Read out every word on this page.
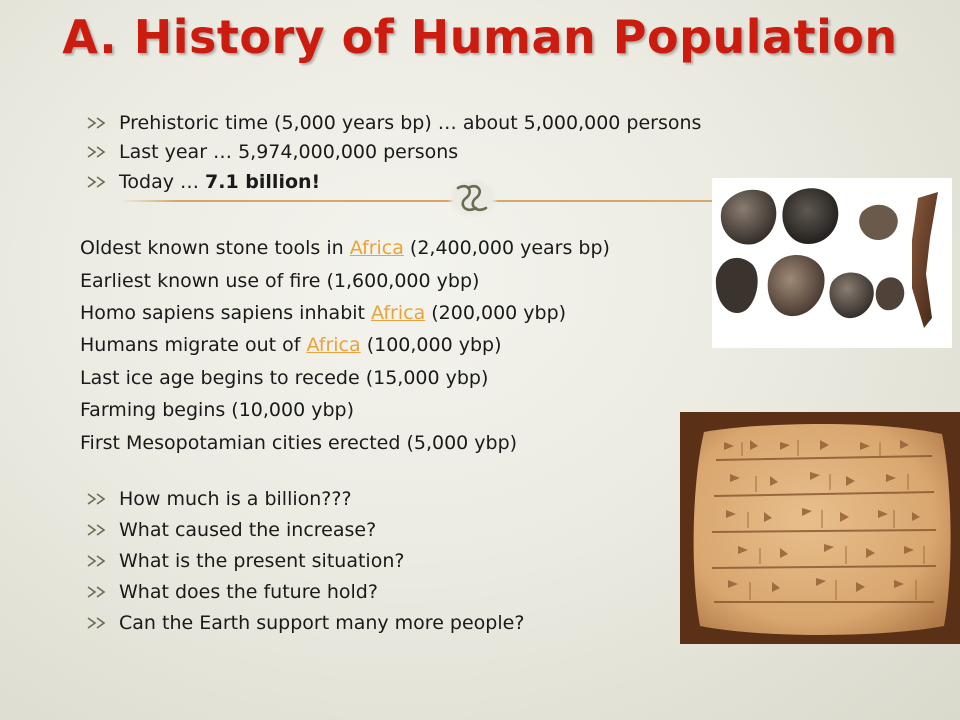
A. History of Human Population
Prehistoric time (5,000 years bp) … about 5,000,000 persons
Last year … 5,974,000,000 persons
Today … 7.1 billion!
Oldest known stone tools in Africa (2,400,000 years bp)
Earliest known use of fire (1,600,000 ybp)
Homo sapiens sapiens inhabit Africa (200,000 ybp)
Humans migrate out of Africa (100,000 ybp)
Last ice age begins to recede (15,000 ybp)
Farming begins (10,000 ybp)
First Mesopotamian cities erected (5,000 ybp)
How much is a billion???
What caused the increase?
What is the present situation?
What does the future hold?
Can the Earth support many more people?
